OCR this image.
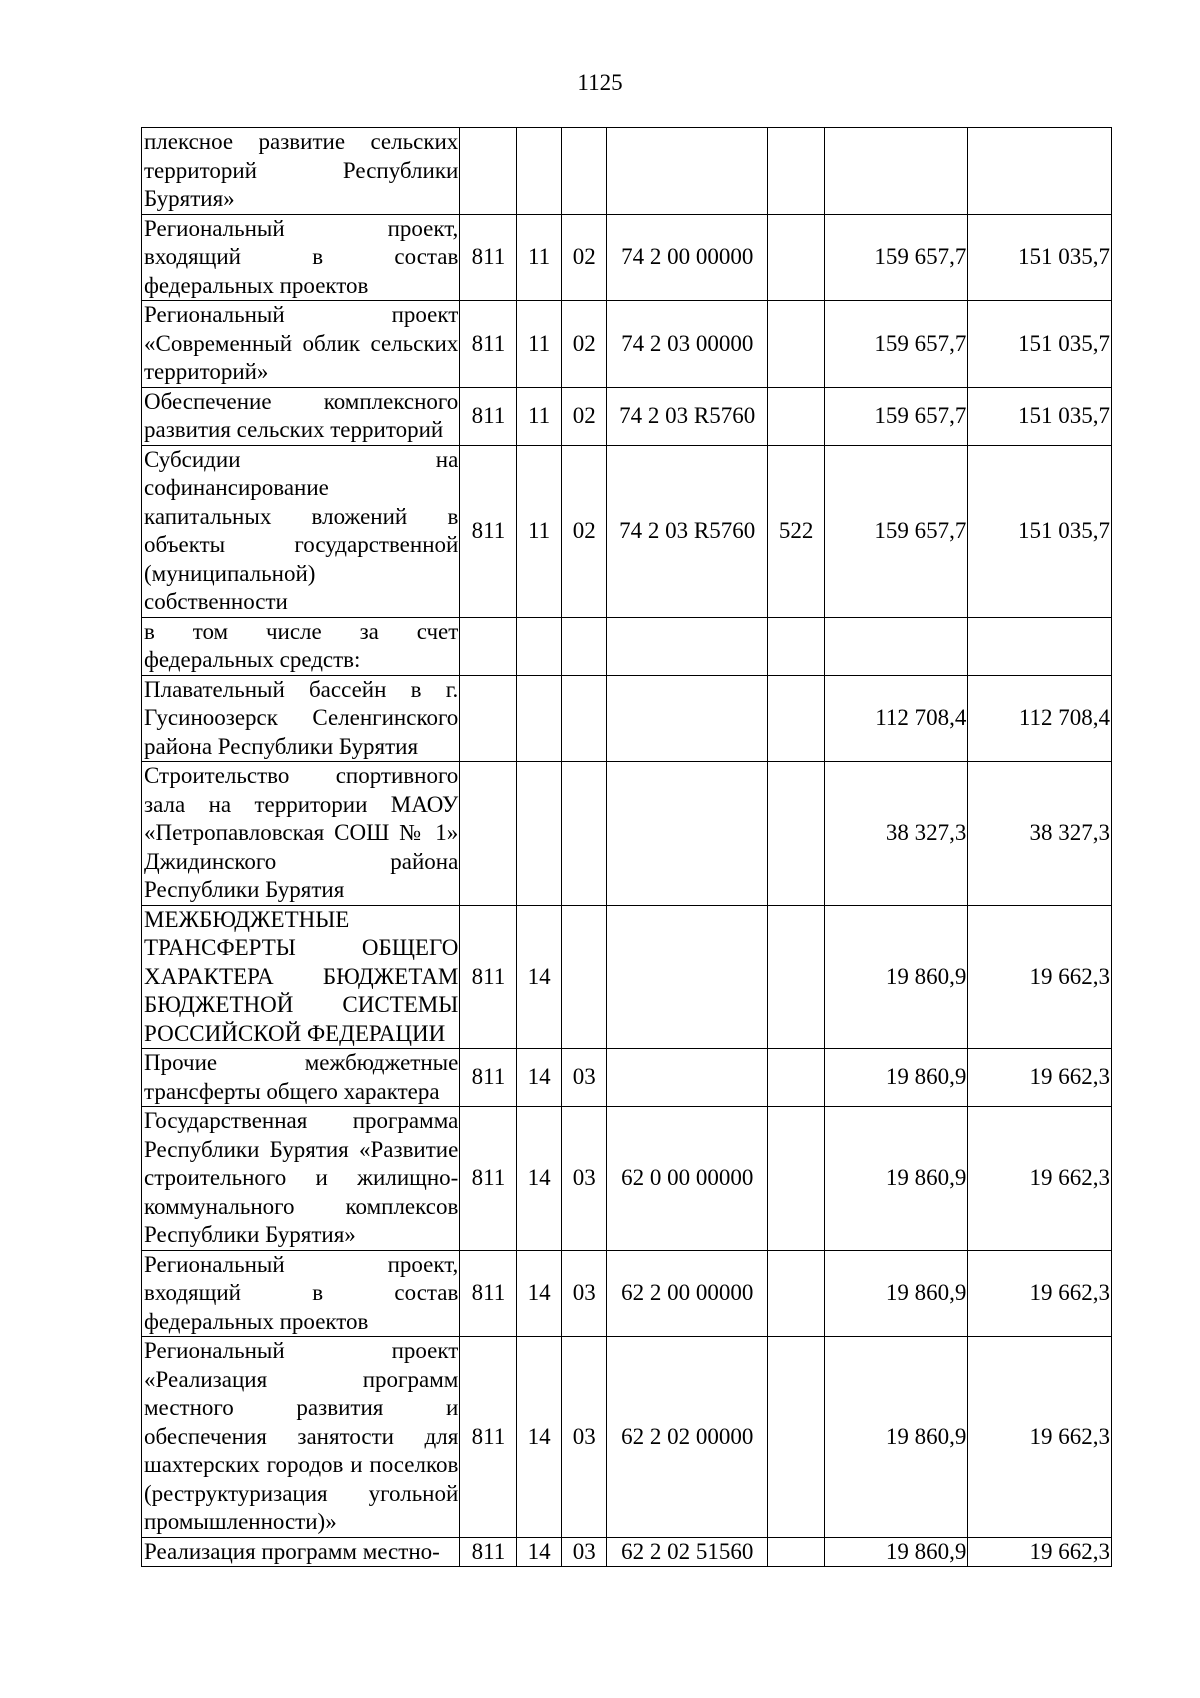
1125
плексное развитие сельских территорий Республики Бурятия»							
Региональный проект, входящий в состав федеральных проектов	811	11	02	74 2 00 00000		159 657,7	151 035,7
Региональный проект «Современный облик сельских территорий»	811	11	02	74 2 03 00000		159 657,7	151 035,7
Обеспечение комплексного развития сельских территорий	811	11	02	74 2 03 R5760		159 657,7	151 035,7
Субсидии на софинансирование капитальных вложений в объекты государственной (муниципальной) собственности	811	11	02	74 2 03 R5760	522	159 657,7	151 035,7
в том числе за счет федеральных средств:							
Плавательный бассейн в г. Гусиноозерск Селенгинского района Республики Бурятия						112 708,4	112 708,4
Строительство спортивного зала на территории МАОУ «Петропавловская СОШ № 1» Джидинского района Республики Бурятия						38 327,3	38 327,3
МЕЖБЮДЖЕТНЫЕ ТРАНСФЕРТЫ ОБЩЕГО ХАРАКТЕРА БЮДЖЕТАМ БЮДЖЕТНОЙ СИСТЕМЫ РОССИЙСКОЙ ФЕДЕРАЦИИ	811	14				19 860,9	19 662,3
Прочие межбюджетные трансферты общего характера	811	14	03			19 860,9	19 662,3
Государственная программа Республики Бурятия «Развитие строительного и жилищно-коммунального комплексов Республики Бурятия»	811	14	03	62 0 00 00000		19 860,9	19 662,3
Региональный проект, входящий в состав федеральных проектов	811	14	03	62 2 00 00000		19 860,9	19 662,3
Региональный проект «Реализация программ местного развития и обеспечения занятости для шахтерских городов и поселков (реструктуризация угольной промышленности)»	811	14	03	62 2 02 00000		19 860,9	19 662,3
Реализация программ местно-	811	14	03	62 2 02 51560		19 860,9	19 662,3
